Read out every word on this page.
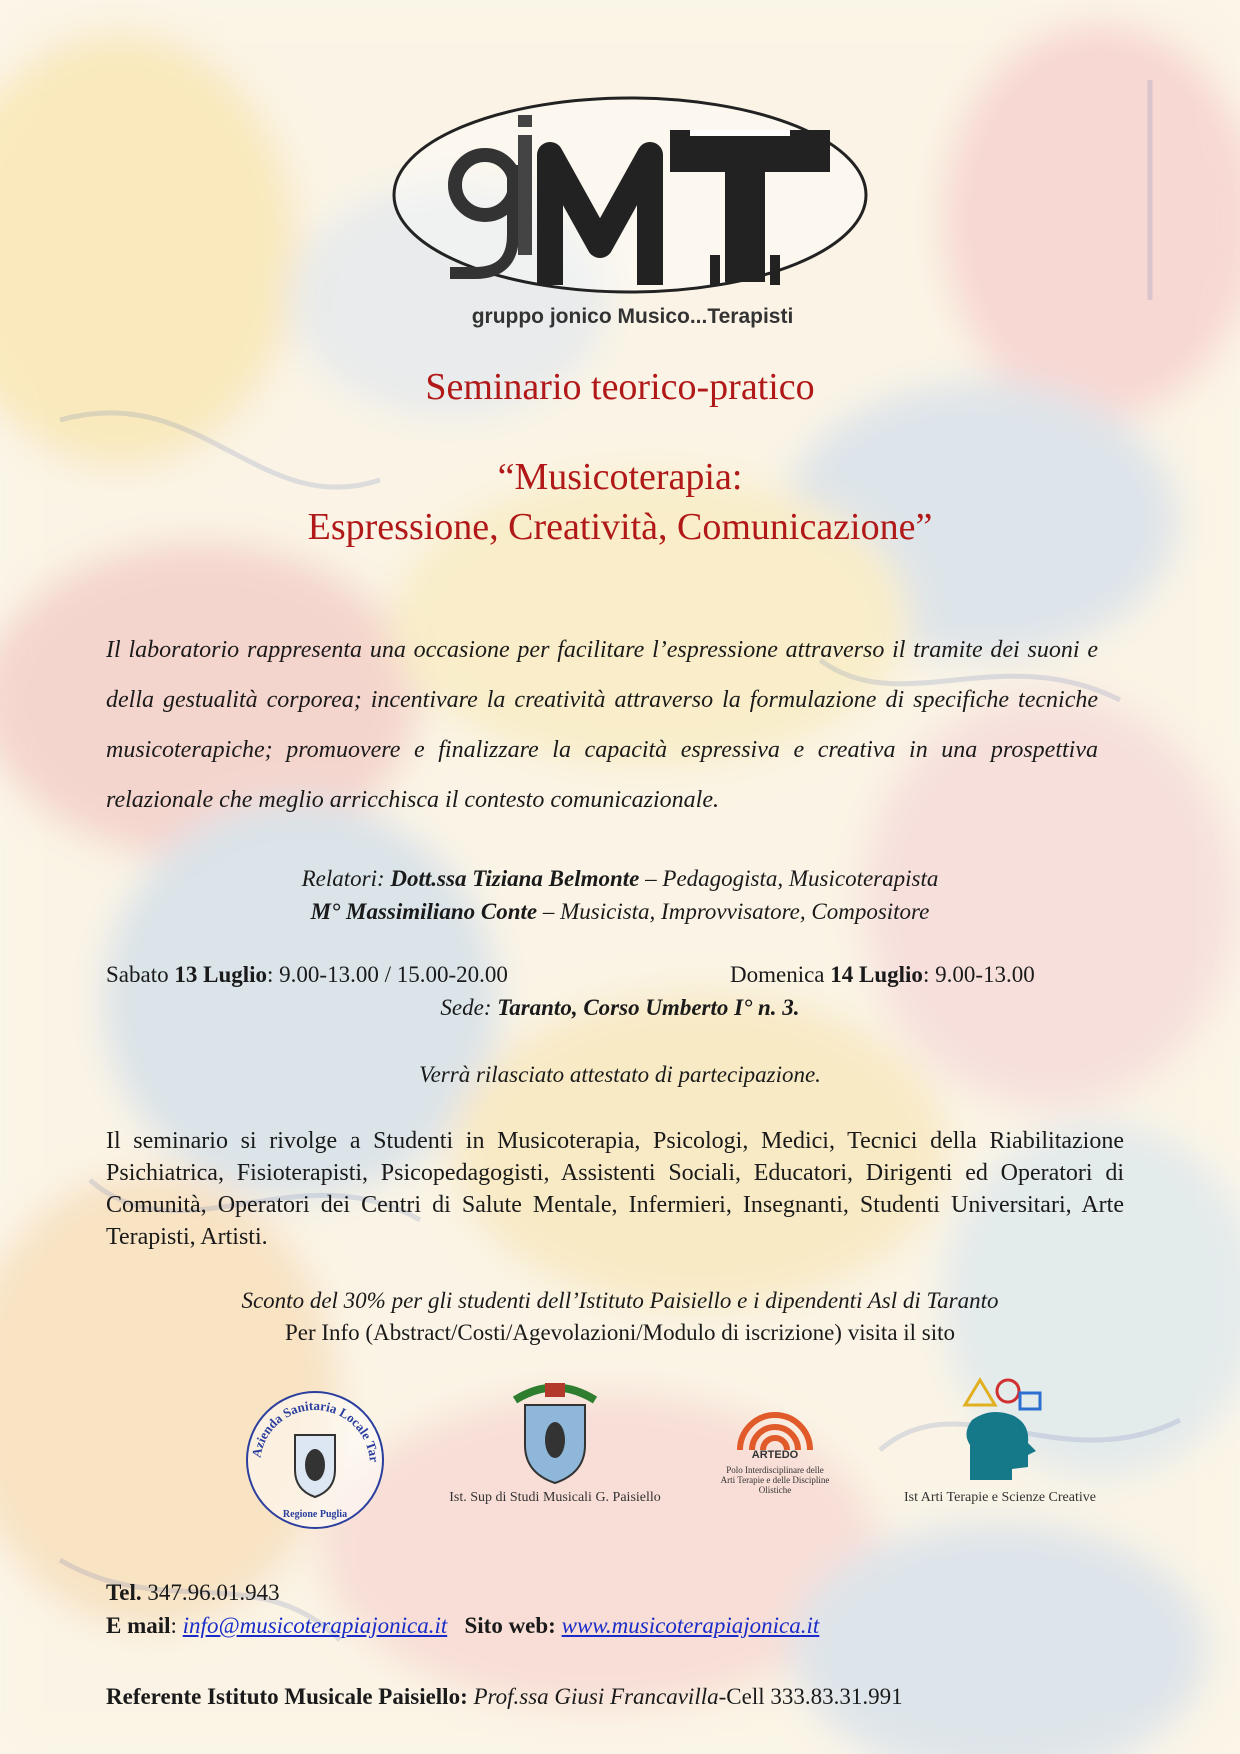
gruppo jonico Musico...Terapisti
Seminario teorico-pratico
“Musicoterapia:
Espressione, Creatività, Comunicazione”
Il laboratorio rappresenta una occasione per facilitare l’espressione attraverso il tramite dei suoni e della gestualità corporea; incentivare la creatività attraverso la formulazione di specifiche tecniche musicoterapiche; promuovere e finalizzare la capacità espressiva e creativa in una prospettiva relazionale che meglio arricchisca il contesto comunicazionale.
Relatori: Dott.ssa Tiziana Belmonte – Pedagogista, Musicoterapista
M° Massimiliano Conte – Musicista, Improvvisatore, Compositore
Sabato 13 Luglio: 9.00-13.00 / 15.00-20.00	Domenica 14 Luglio: 9.00-13.00
Sede: Taranto, Corso Umberto I° n. 3.
Verrà rilasciato attestato di partecipazione.
Il seminario si rivolge a Studenti in Musicoterapia, Psicologi, Medici, Tecnici della Riabilitazione Psichiatrica, Fisioterapisti, Psicopedagogisti, Assistenti Sociali, Educatori, Dirigenti ed Operatori di Comunità, Operatori dei Centri di Salute Mentale, Infermieri, Insegnanti, Studenti Universitari, Arte Terapisti, Artisti.
Sconto del 30% per gli studenti dell’Istituto Paisiello e i dipendenti Asl di Taranto
Per Info (Abstract/Costi/Agevolazioni/Modulo di iscrizione) visita il sito
Azienda Sanitaria Locale Tar
Regione Puglia
Ist. Sup di Studi Musicali G. Paisiello
ARTEDO
Polo Interdisciplinare delle Arti Terapie e delle Discipline Olistiche	Ist Arti Terapie e Scienze Creative
Tel. 347.96.01.943
E mail: info@musicoterapiajonica.it Sito web: www.musicoterapiajonica.it
Referente Istituto Musicale Paisiello: Prof.ssa Giusi Francavilla-Cell 333.83.31.991
